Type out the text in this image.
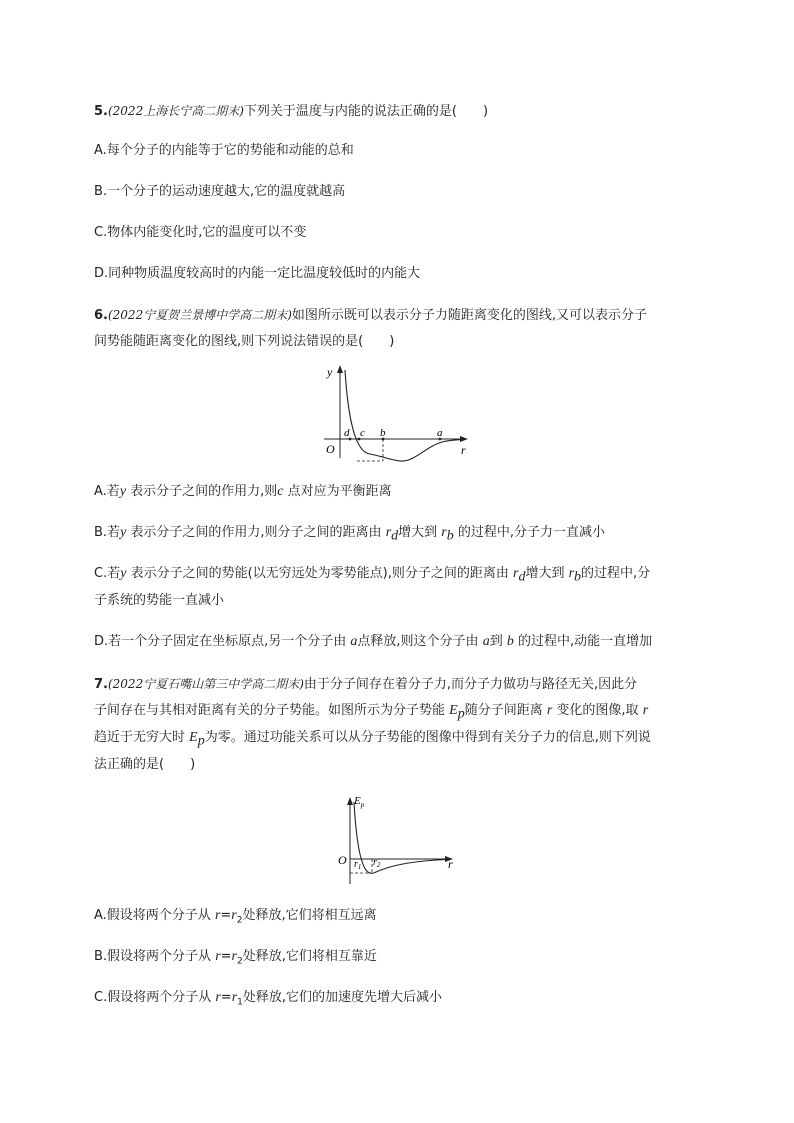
5.(2022上海长宁高二期末)下列关于温度与内能的说法正确的是(　　)
A.每个分子的内能等于它的势能和动能的总和
B.一个分子的运动速度越大,它的温度就越高
C.物体内能变化时,它的温度可以不变
D.同种物质温度较高时的内能一定比温度较低时的内能大
6.(2022宁夏贺兰景博中学高二期末)如图所示既可以表示分子力随距离变化的图线,又可以表示分子
间势能随距离变化的图线,则下列说法错误的是(　　)
y
O	r
d c b	a
A.若y 表示分子之间的作用力,则c 点对应为平衡距离
B.若y 表示分子之间的作用力,则分子之间的距离由 $r_d$增大到 $r_b$ 的过程中,分子力一直减小
C.若y 表示分子之间的势能(以无穷远处为零势能点),则分子之间的距离由 $r_d$增大到 $r_b$的过程中,分
子系统的势能一直减小
D.若一个分子固定在坐标原点,另一个分子由 a点释放,则这个分子由 a到 b 的过程中,动能一直增加
7.(2022宁夏石嘴山第三中学高二期末)由于分子间存在着分子力,而分子力做功与路径无关,因此分
子间存在与其相对距离有关的分子势能。如图所示为分子势能 $E_p$随分子间距离 r 变化的图像,取 r
趋近于无穷大时 $E_p$为零。通过功能关系可以从分子势能的图像中得到有关分子力的信息,则下列说
法正确的是(　　)
$E_p$
O	r
$r_1$ $r_2$
A.假设将两个分子从 $r=r_2$处释放,它们将相互远离
B.假设将两个分子从 $r=r_2$处释放,它们将相互靠近
C.假设将两个分子从 $r=r_1$处释放,它们的加速度先增大后减小
